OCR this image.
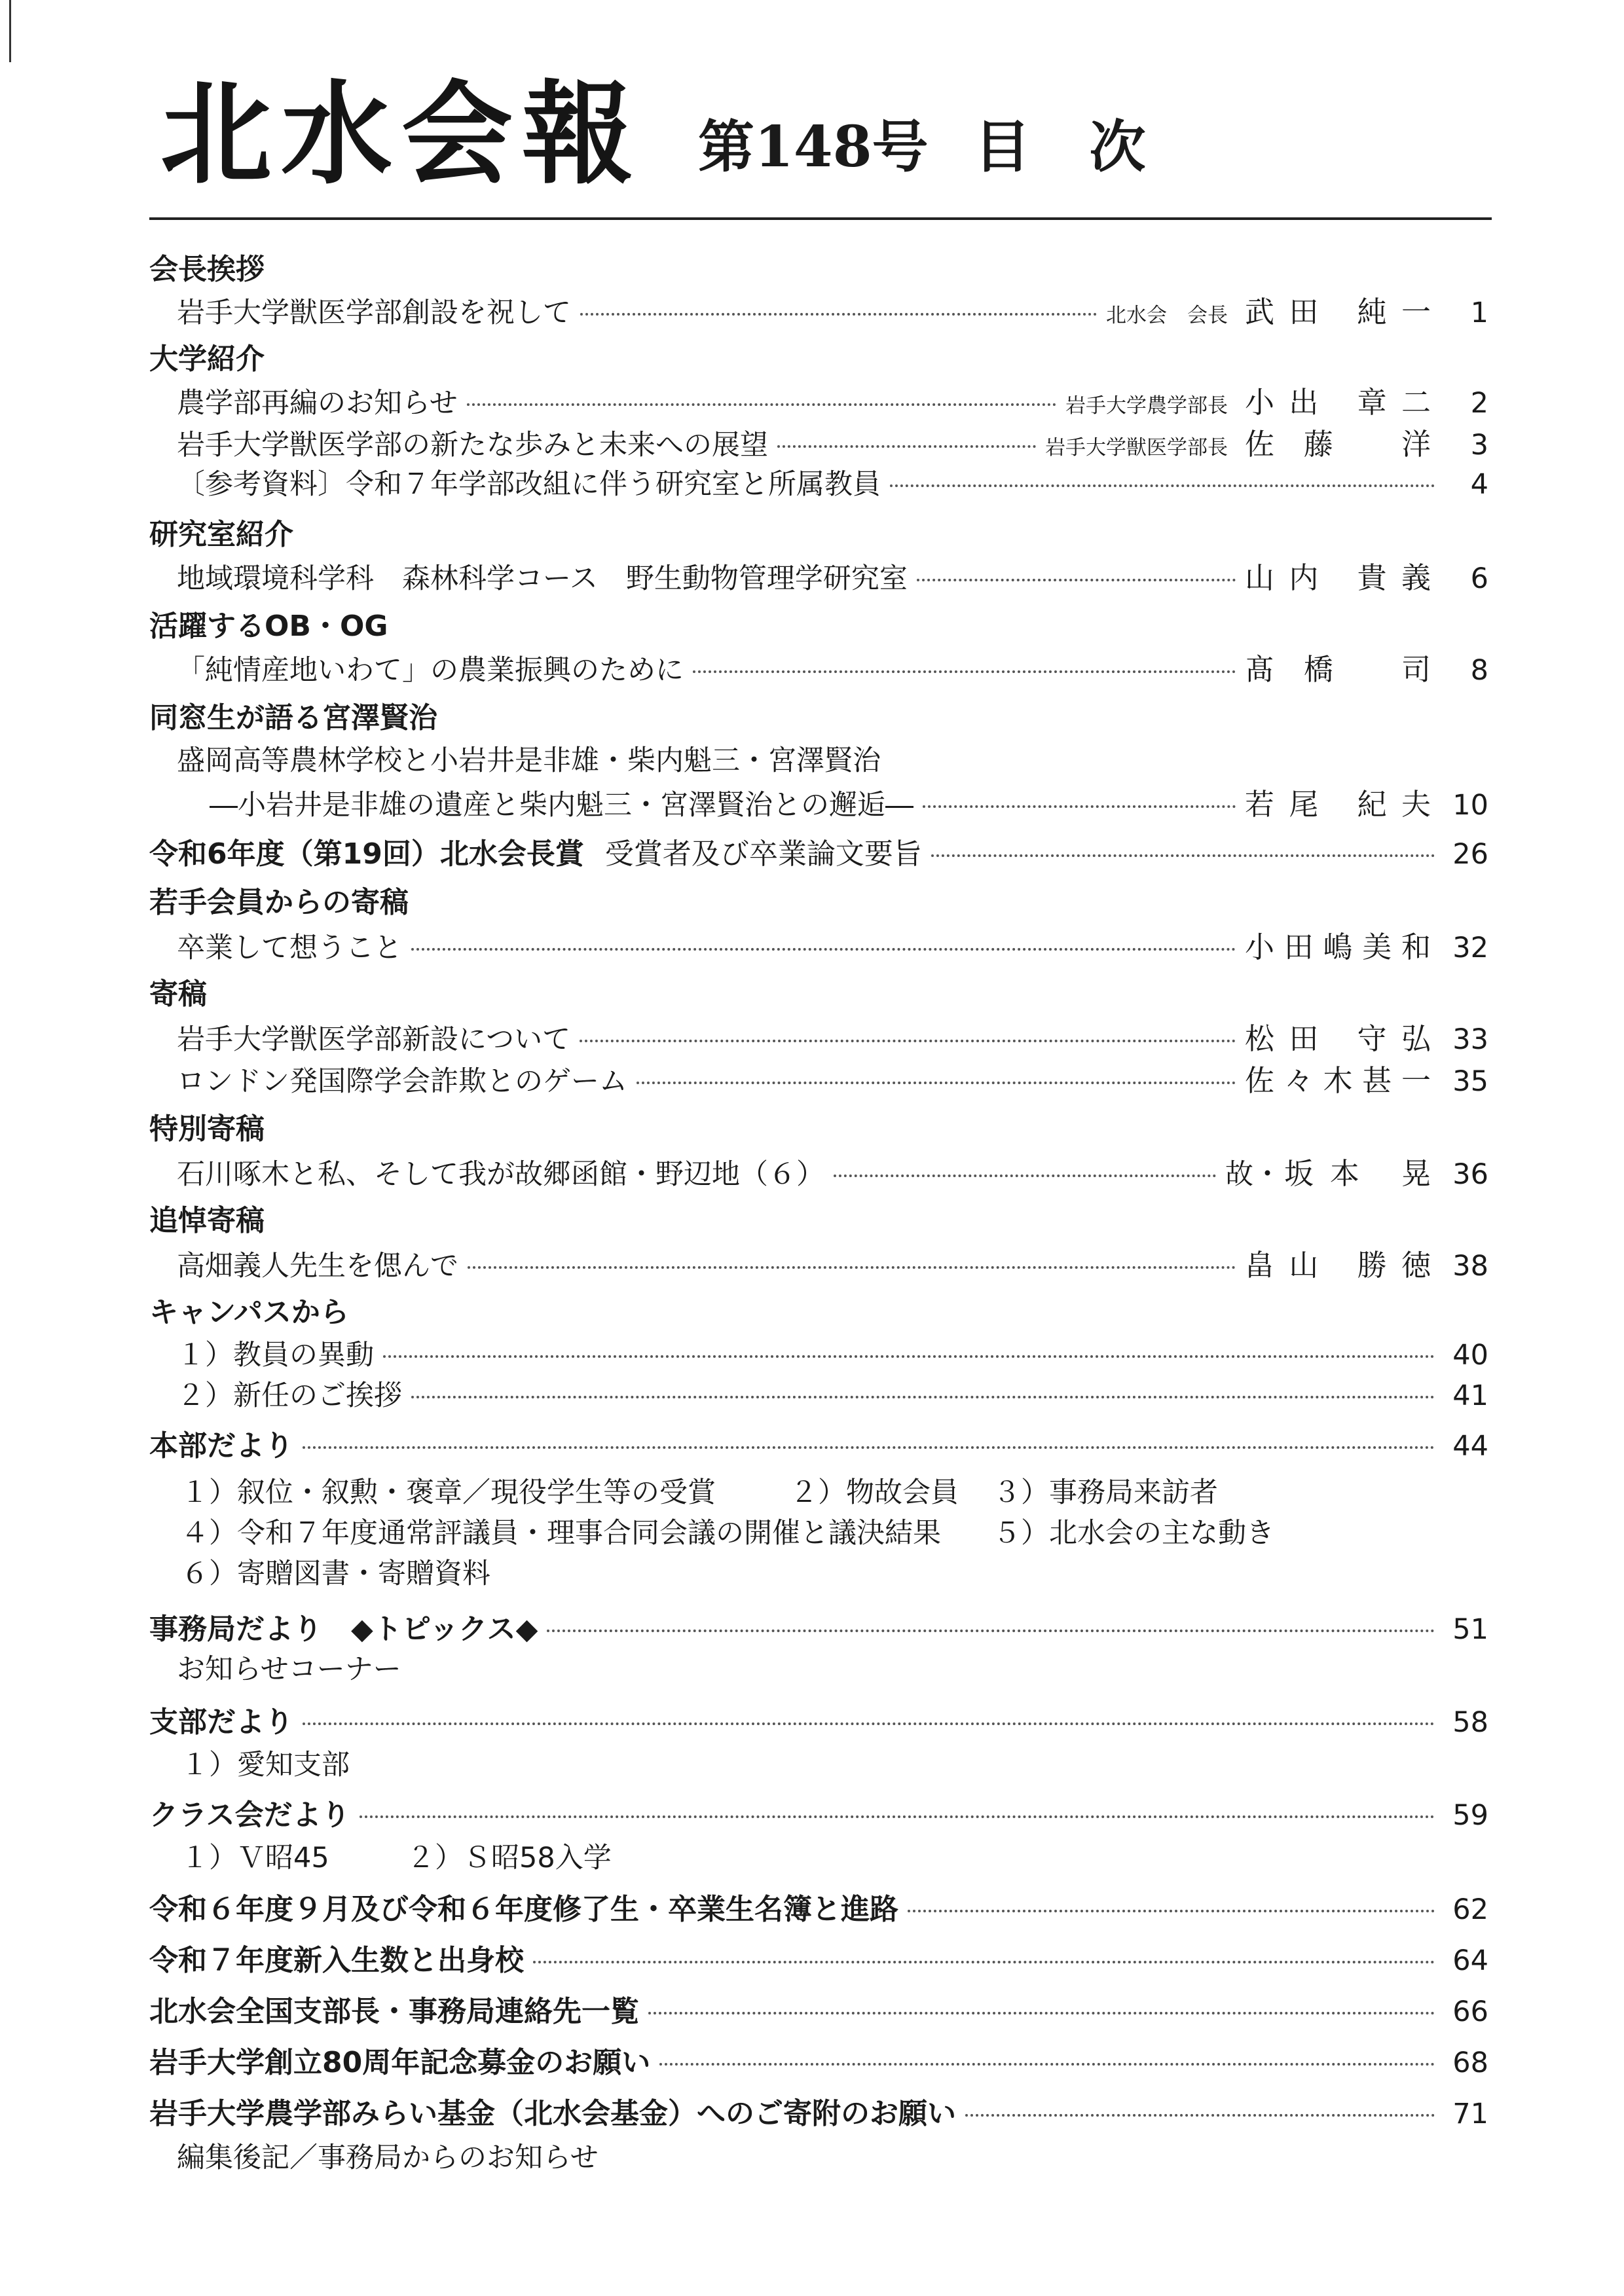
北水会報 第148号 目 次
会長挨拶
岩手大学獣医学部創設を祝して	北水会　会長 武田 純一	1
大学紹介
農学部再編のお知らせ	岩手大学農学部長 小出 章二	2
岩手大学獣医学部の新たな歩みと未来への展望	岩手大学獣医学部長 佐藤 洋	3
〔参考資料〕令和７年学部改組に伴う研究室と所属教員	4
研究室紹介
地域環境科学科　森林科学コース　野生動物管理学研究室	山内 貴義	6
活躍するOB・OG
「純情産地いわて」の農業振興のために	髙橋 司	8
同窓生が語る宮澤賢治
盛岡高等農林学校と小岩井是非雄・柴内魁三・宮澤賢治
―小岩井是非雄の遺産と柴内魁三・宮澤賢治との邂逅―	若尾 紀夫 10
令和6年度（第19回）北水会長賞 受賞者及び卒業論文要旨	26
若手会員からの寄稿
卒業して想うこと	小田嶋美和 32
寄稿
岩手大学獣医学部新設について	松田 守弘 33
ロンドン発国際学会詐欺とのゲーム	佐々木甚一 35
特別寄稿
石川啄木と私、そして我が故郷函館・野辺地（６）	故・ 坂本 晃 36
追悼寄稿
高畑義人先生を偲んで	畠山 勝徳 38
キャンパスから
１）教員の異動	40
２）新任のご挨拶	41
本部だより	44
１）叙位・叙勲・褒章／現役学生等の受賞	２）物故会員	３）事務局来訪者
４）令和７年度通常評議員・理事合同会議の開催と議決結果	５）北水会の主な動き
６）寄贈図書・寄贈資料
事務局だより　◆トピックス◆	51
お知らせコーナー
支部だより	58
１）愛知支部
クラス会だより	59
１）Ｖ昭45	２）Ｓ昭58入学
令和６年度９月及び令和６年度修了生・卒業生名簿と進路	62
令和７年度新入生数と出身校	64
北水会全国支部長・事務局連絡先一覧	66
岩手大学創立80周年記念募金のお願い	68
岩手大学農学部みらい基金（北水会基金）へのご寄附のお願い	71
編集後記／事務局からのお知らせ
